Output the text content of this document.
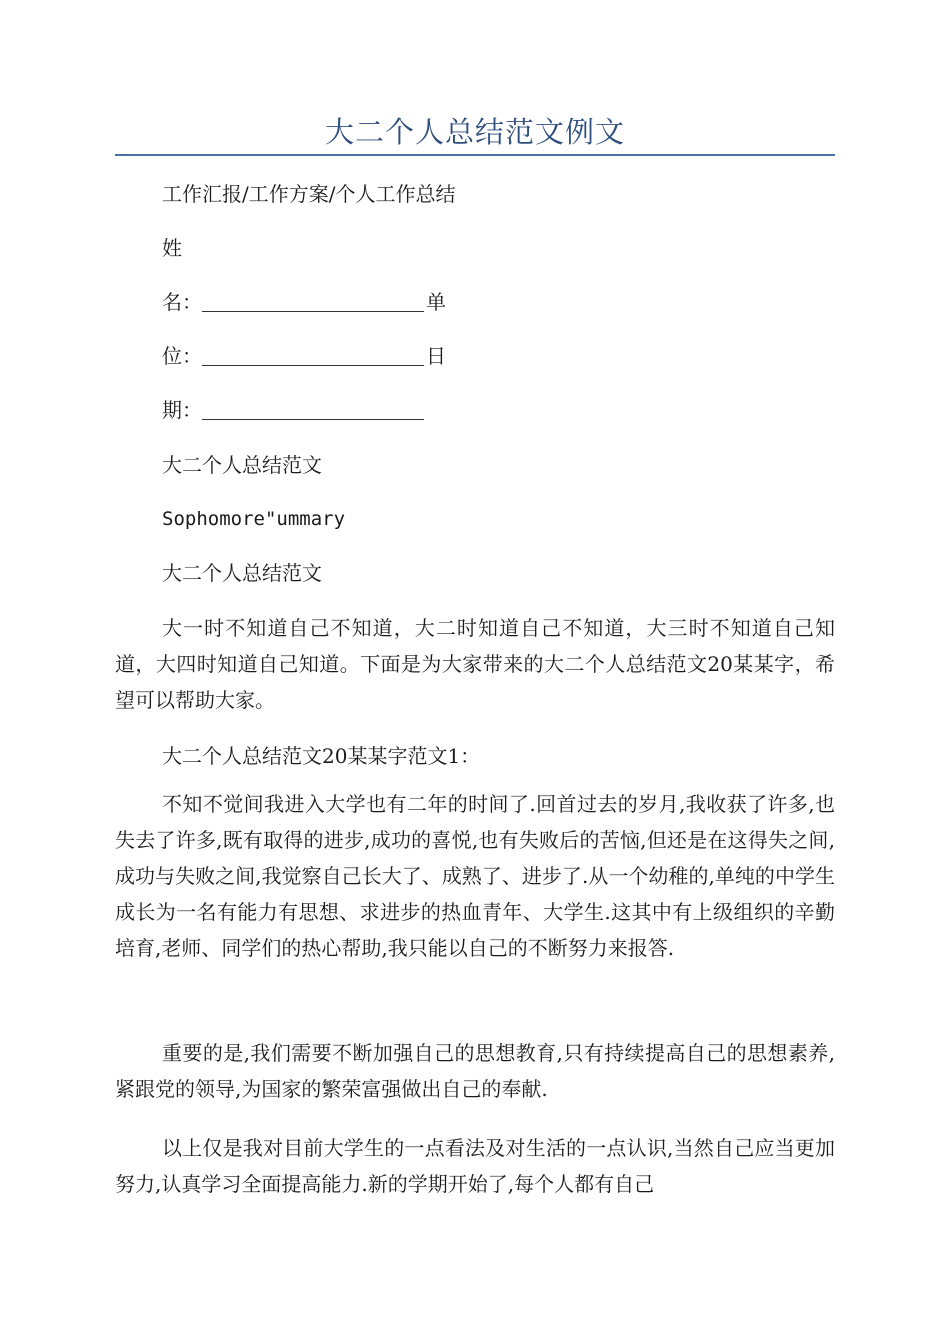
大二个人总结范文例文
工作汇报/工作方案/个人工作总结
姓
名：	单
位：	日
期：
大二个人总结范文
Sophomore"ummary
大二个人总结范文

大一时不知道自己不知道，大二时知道自己不知道，大三时不知道自己知道，大四时知道自己知道。下面是为大家带来的大二个人总结范文20某某字，希望可以帮助大家。

大二个人总结范文20某某字范文1：

不知不觉间我进入大学也有二年的时间了.回首过去的岁月,我收获了许多,也失去了许多,既有取得的进步,成功的喜悦,也有失败后的苦恼,但还是在这得失之间,成功与失败之间,我觉察自己长大了、成熟了、进步了.从一个幼稚的,单纯的中学生成长为一名有能力有思想、求进步的热血青年、大学生.这其中有上级组织的辛勤培育,老师、同学们的热心帮助,我只能以自己的不断努力来报答.

重要的是,我们需要不断加强自己的思想教育,只有持续提高自己的思想素养,紧跟党的领导,为国家的繁荣富强做出自己的奉献.

以上仅是我对目前大学生的一点看法及对生活的一点认识,当然自己应当更加努力,认真学习全面提高能力.新的学期开始了,每个人都有自己
